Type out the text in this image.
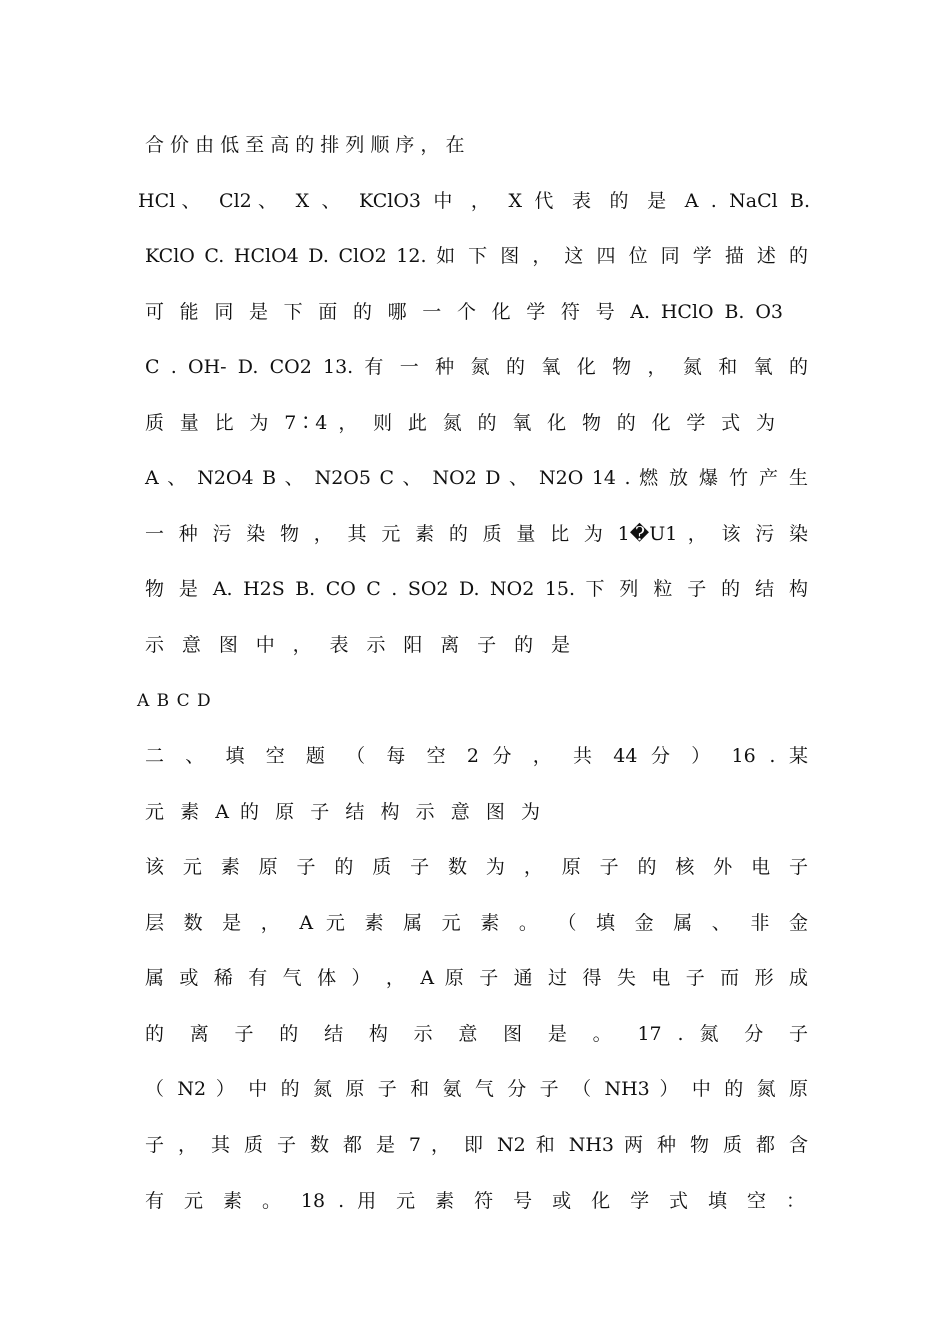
合 价 由 低 至 高 的 排 列 顺 序 ， 在
HCl、 Cl2、 X 、 KClO3 中 ， X 代 表 的 是 A . NaCl B.
KClO C. HClO4 D. ClO2 12. 如 下 图 ， 这 四 位 同 学 描 述 的
可 能 同 是 下 面 的 哪 一 个 化 学 符 号 A. HClO B. O3
C . OH- D. CO2 13. 有 一 种 氮 的 氧 化 物 ， 氮 和 氧 的
质 量 比 为 7∶4 ， 则 此 氮 的 氧 化 物 的 化 学 式 为
A 、 N2O4 B 、 N2O5 C 、 NO2 D 、 N2O 14 . 燃 放 爆 竹 产 生
一 种 污 染 物 ， 其 元 素 的 质 量 比 为 1�U1 ， 该 污 染
物 是 A. H2S B. CO C . SO2 D. NO2 15. 下 列 粒 子 的 结 构
示 意 图 中 ， 表 示 阳 离 子 的 是
A B C D
二 、 填 空 题 （ 每 空 2 分 ， 共 44 分 ） 16 . 某
元 素 A 的 原 子 结 构 示 意 图 为
该 元 素 原 子 的 质 子 数 为 ， 原 子 的 核 外 电 子
层 数 是 ， A 元 素 属 元 素 。 （ 填 金 属 、 非 金
属 或 稀 有 气 体 ） ， A 原 子 通 过 得 失 电 子 而 形 成
的 离 子 的 结 构 示 意 图 是 。 17 . 氮 分 子
（ N2 ） 中 的 氮 原 子 和 氨 气 分 子 （ NH3 ） 中 的 氮 原
子 ， 其 质 子 数 都 是 7 ， 即 N2 和 NH3 两 种 物 质 都 含
有 元 素 。 18 . 用 元 素 符 号 或 化 学 式 填 空 ：
